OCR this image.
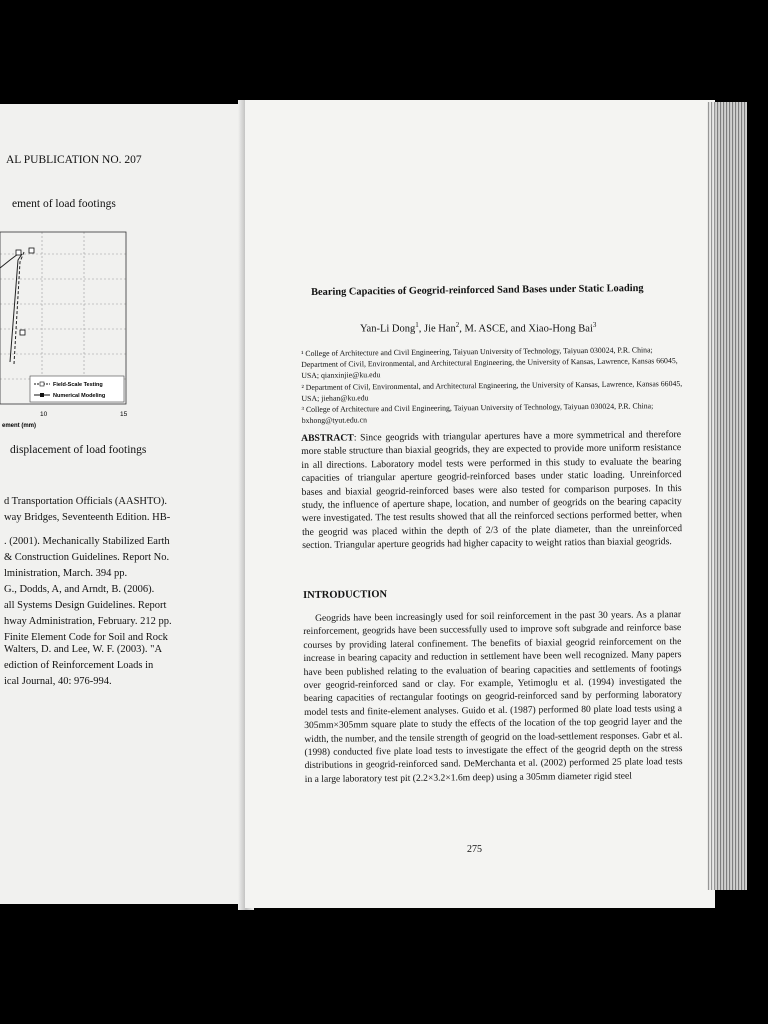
AL PUBLICATION NO. 207
ement of load footings
Field-Scale Testing
Numerical Modeling
10	15
ement (mm)
displacement of load footings
d Transportation Officials (AASHTO).
way Bridges, Seventeenth Edition. HB-
. (2001). Mechanically Stabilized Earth
& Construction Guidelines. Report No.
lministration, March. 394 pp.
G., Dodds, A, and Arndt, B. (2006).
all Systems Design Guidelines. Report
hway Administration, February. 212 pp.
Finite Element Code for Soil and Rock
Walters, D. and Lee, W. F. (2003). "A
ediction of Reinforcement Loads in
ical Journal, 40: 976-994.
Bearing Capacities of Geogrid-reinforced Sand Bases under Static Loading
Yan-Li Dong$^1$, Jie Han$^2$, M. ASCE, and Xiao-Hong Bai$^3$

¹ College of Architecture and Civil Engineering, Taiyuan University of Technology, Taiyuan 030024, P.R. China; Department of Civil, Environmental, and Architectural Engineering, the University of Kansas, Lawrence, Kansas 66045, USA; qianxinjie@ku.edu

² Department of Civil, Environmental, and Architectural Engineering, the University of Kansas, Lawrence, Kansas 66045, USA; jiehan@ku.edu

³ College of Architecture and Civil Engineering, Taiyuan University of Technology, Taiyuan 030024, P.R. China; bxhong@tyut.edu.cn

ABSTRACT: Since geogrids with triangular apertures have a more symmetrical and therefore more stable structure than biaxial geogrids, they are expected to provide more uniform resistance in all directions. Laboratory model tests were performed in this study to evaluate the bearing capacities of triangular aperture geogrid-reinforced bases under static loading. Unreinforced bases and biaxial geogrid-reinforced bases were also tested for comparison purposes. In this study, the influence of aperture shape, location, and number of geogrids on the bearing capacity were investigated. The test results showed that all the reinforced sections performed better, when the geogrid was placed within the depth of 2/3 of the plate diameter, than the unreinforced section. Triangular aperture geogrids had higher capacity to weight ratios than biaxial geogrids.

INTRODUCTION

Geogrids have been increasingly used for soil reinforcement in the past 30 years. As a planar reinforcement, geogrids have been successfully used to improve soft subgrade and reinforce base courses by providing lateral confinement. The benefits of biaxial geogrid reinforcement on the increase in bearing capacity and reduction in settlement have been well recognized. Many papers have been published relating to the evaluation of bearing capacities and settlements of footings over geogrid-reinforced sand or clay. For example, Yetimoglu et al. (1994) investigated the bearing capacities of rectangular footings on geogrid-reinforced sand by performing laboratory model tests and finite-element analyses. Guido et al. (1987) performed 80 plate load tests using a 305mm×305mm square plate to study the effects of the location of the top geogrid layer and the width, the number, and the tensile strength of geogrid on the load-settlement responses. Gabr et al. (1998) conducted five plate load tests to investigate the effect of the geogrid depth on the stress distributions in geogrid-reinforced sand. DeMerchanta et al. (2002) performed 25 plate load tests in a large laboratory test pit (2.2×3.2×1.6m deep) using a 305mm diameter rigid steel

275
